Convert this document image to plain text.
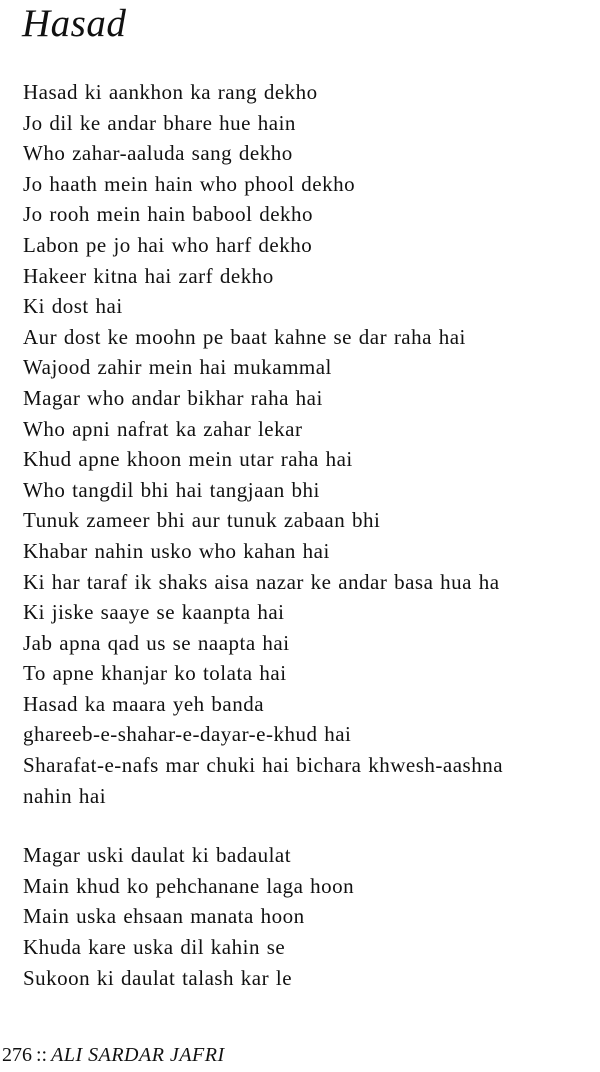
Hasad
Hasad ki aankhon ka rang dekho
Jo dil ke andar bhare hue hain
Who zahar-aaluda sang dekho
Jo haath mein hain who phool dekho
Jo rooh mein hain babool dekho
Labon pe jo hai who harf dekho
Hakeer kitna hai zarf dekho
Ki dost hai
Aur dost ke moohn pe baat kahne se dar raha hai
Wajood zahir mein hai mukammal
Magar who andar bikhar raha hai
Who apni nafrat ka zahar lekar
Khud apne khoon mein utar raha hai
Who tangdil bhi hai tangjaan bhi
Tunuk zameer bhi aur tunuk zabaan bhi
Khabar nahin usko who kahan hai
Ki har taraf ik shaks aisa nazar ke andar basa hua ha
Ki jiske saaye se kaanpta hai
Jab apna qad us se naapta hai
To apne khanjar ko tolata hai
Hasad ka maara yeh banda
ghareeb-e-shahar-e-dayar-e-khud hai
Sharafat-e-nafs mar chuki hai bichara khwesh-aashna
nahin hai
Magar uski daulat ki badaulat
Main khud ko pehchanane laga hoon
Main uska ehsaan manata hoon
Khuda kare uska dil kahin se
Sukoon ki daulat talash kar le
276 :: ALI SARDAR JAFRI
